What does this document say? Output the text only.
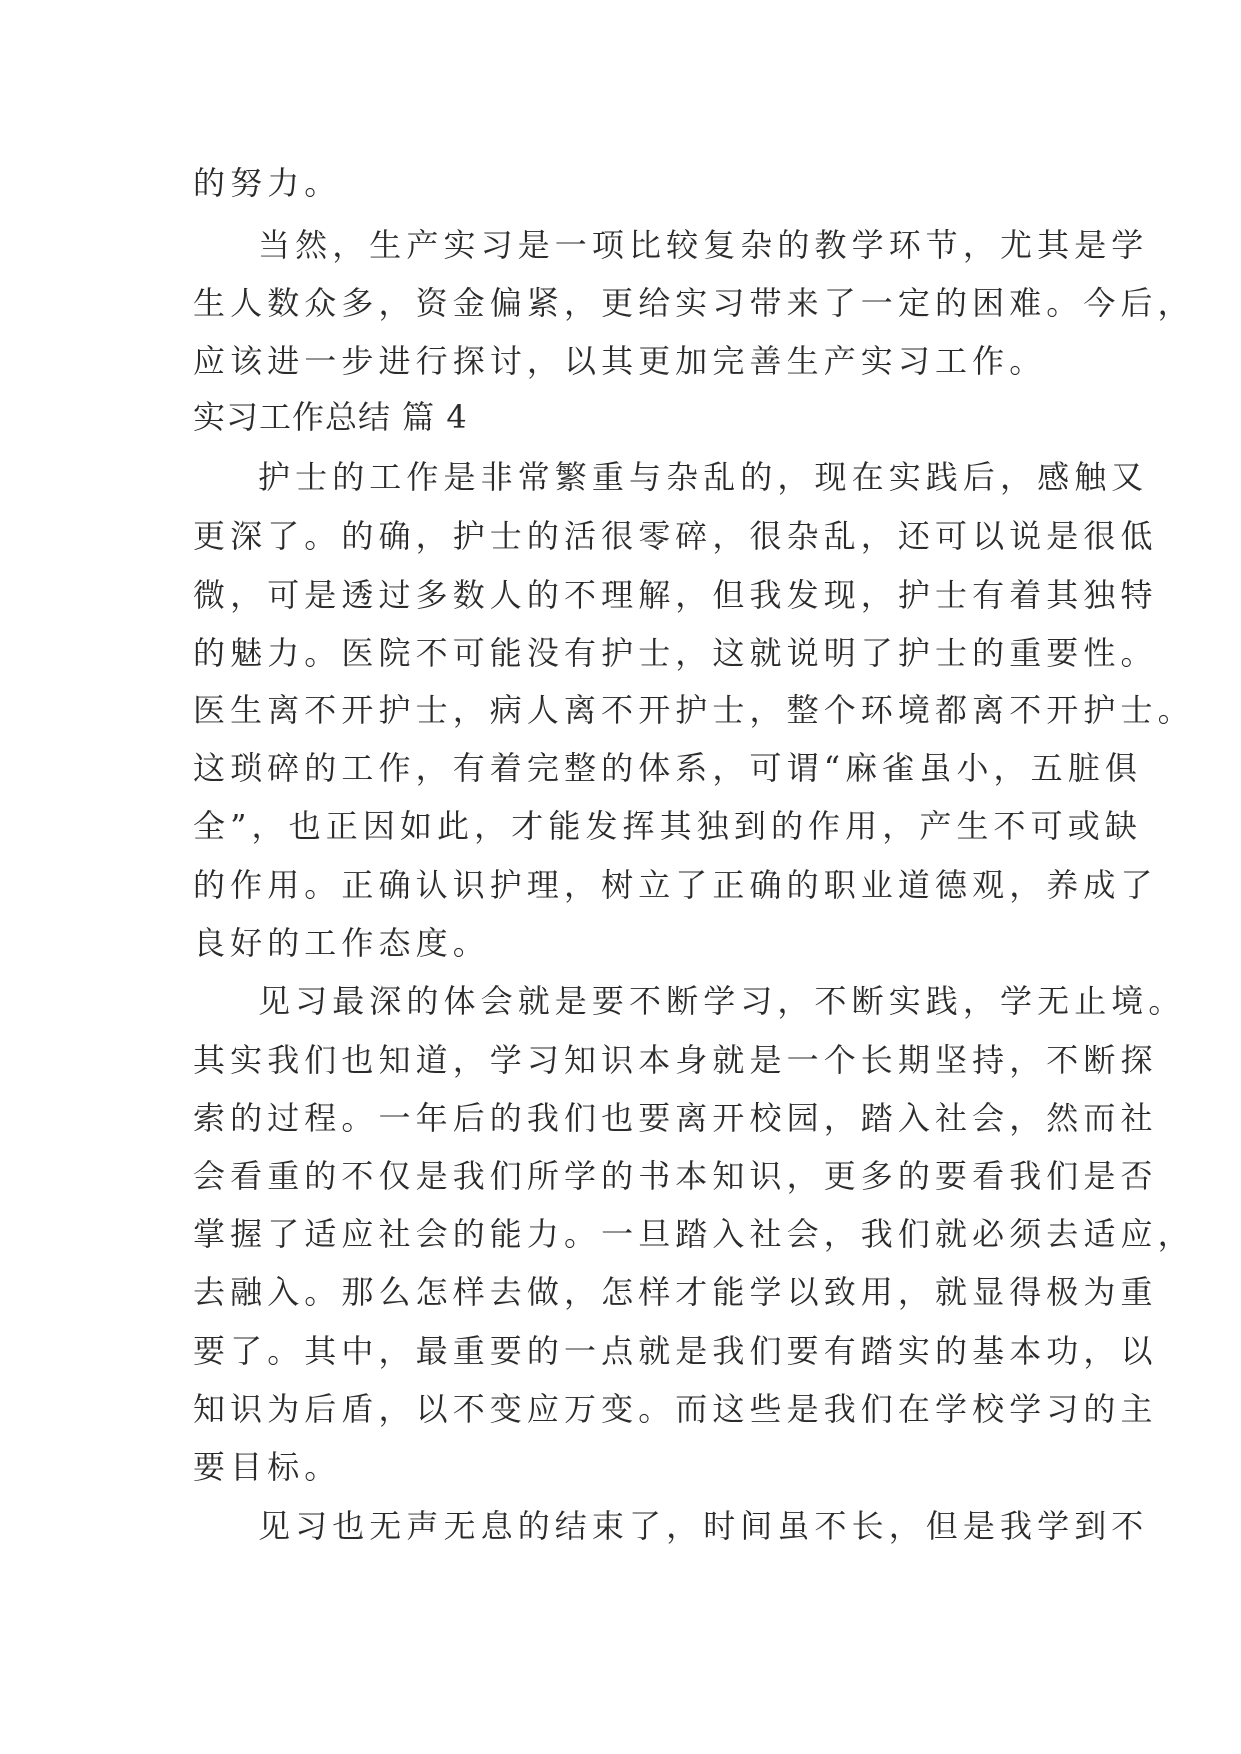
的努力。
当然，生产实习是一项比较复杂的教学环节，尤其是学
生人数众多，资金偏紧，更给实习带来了一定的困难。今后，
应该进一步进行探讨，以其更加完善生产实习工作。
实习工作总结 篇 4
护士的工作是非常繁重与杂乱的，现在实践后，感触又
更深了。的确，护士的活很零碎，很杂乱，还可以说是很低
微，可是透过多数人的不理解，但我发现，护士有着其独特
的魅力。医院不可能没有护士，这就说明了护士的重要性。
医生离不开护士，病人离不开护士，整个环境都离不开护士。
这琐碎的工作，有着完整的体系，可谓“麻雀虽小，五脏俱
全”，也正因如此，才能发挥其独到的作用，产生不可或缺
的作用。正确认识护理，树立了正确的职业道德观，养成了
良好的工作态度。
见习最深的体会就是要不断学习，不断实践，学无止境。
其实我们也知道，学习知识本身就是一个长期坚持，不断探
索的过程。一年后的我们也要离开校园，踏入社会，然而社
会看重的不仅是我们所学的书本知识，更多的要看我们是否
掌握了适应社会的能力。一旦踏入社会，我们就必须去适应，
去融入。那么怎样去做，怎样才能学以致用，就显得极为重
要了。其中，最重要的一点就是我们要有踏实的基本功，以
知识为后盾，以不变应万变。而这些是我们在学校学习的主
要目标。
见习也无声无息的结束了，时间虽不长，但是我学到不
